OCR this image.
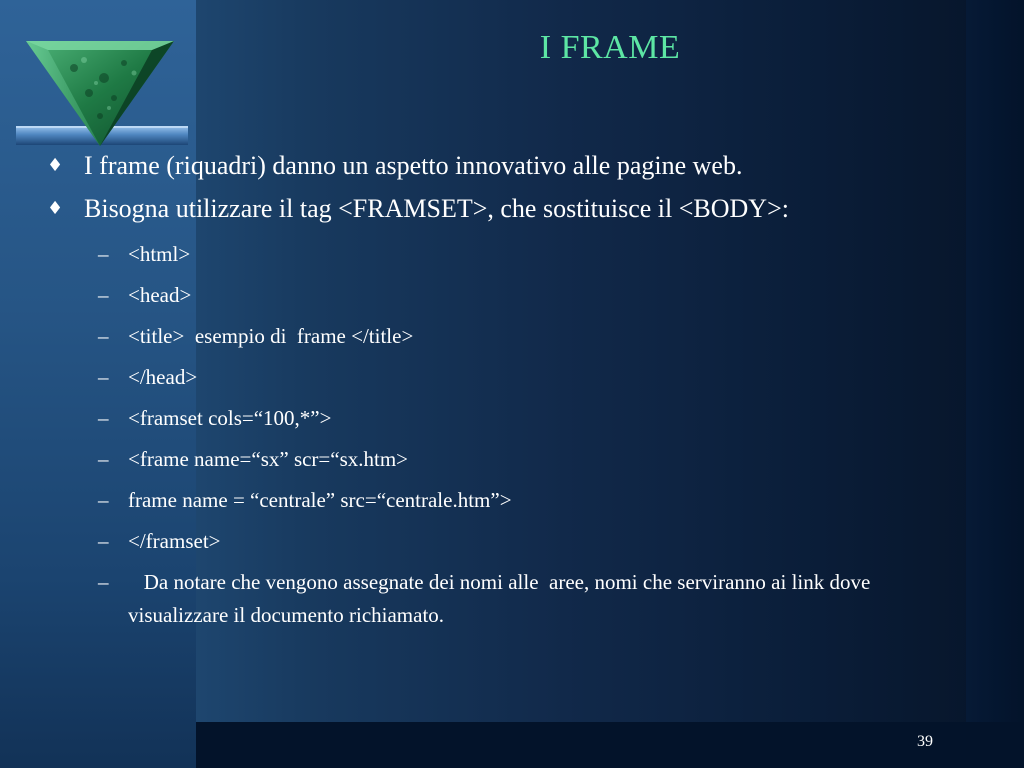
I FRAME
♦ I frame (riquadri) danno un aspetto innovativo alle pagine web.
♦ Bisogna utilizzare il tag <FRAMSET>, che sostituisce il <BODY>:
– <html>
– <head>
– <title>  esempio di  frame </title>
– </head>
– <framset cols=“100,*”>
– <frame name=“sx” scr=“sx.htm>
– frame name = “centrale” src=“centrale.htm”>
– </framset>
– Da notare che vengono assegnate dei nomi alle  aree, nomi che serviranno ai link dove visualizzare il documento richiamato.
39
